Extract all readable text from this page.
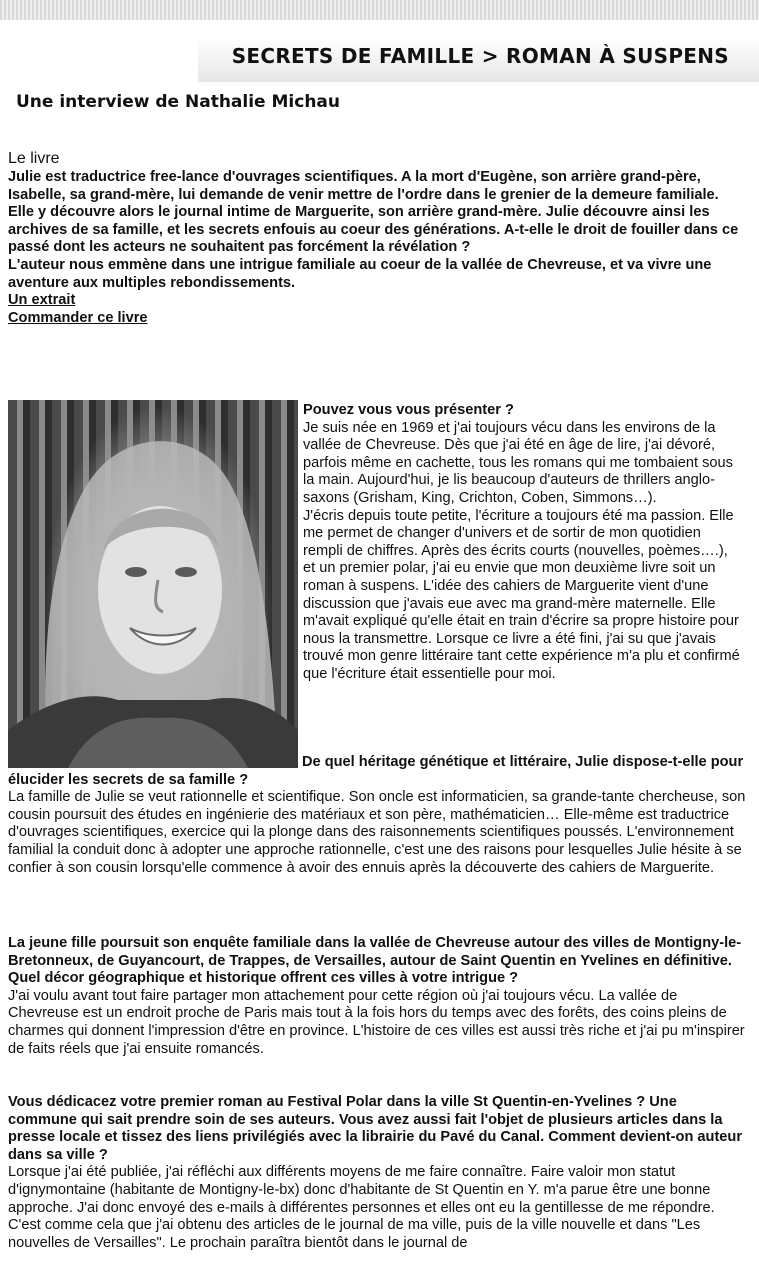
SECRETS DE FAMILLE > ROMAN À SUSPENS
Une interview de Nathalie Michau
Le livre

Julie est traductrice free-lance d'ouvrages scientifiques. A la mort d'Eugène, son arrière grand-père, Isabelle, sa grand-mère, lui demande de venir mettre de l'ordre dans le grenier de la demeure familiale. Elle y découvre alors le journal intime de Marguerite, son arrière grand-mère. Julie découvre ainsi les archives de sa famille, et les secrets enfouis au coeur des générations. A-t-elle le droit de fouiller dans ce passé dont les acteurs ne souhaitent pas forcément la révélation ?

L'auteur nous emmène dans une intrigue familiale au coeur de la vallée de Chevreuse, et va vivre une aventure aux multiples rebondissements.

Un extrait
Commander ce livre
Pouvez vous vous présenter ?
Je suis née en 1969 et j'ai toujours vécu dans les environs de la vallée de Chevreuse. Dès que j'ai été en âge de lire, j'ai dévoré, parfois même en cachette, tous les romans qui me tombaient sous la main. Aujourd'hui, je lis beaucoup d'auteurs de thrillers anglo-saxons (Grisham, King, Crichton, Coben, Simmons…).
J'écris depuis toute petite, l'écriture a toujours été ma passion. Elle me permet de changer d'univers et de sortir de mon quotidien rempli de chiffres. Après des écrits courts (nouvelles, poèmes….), et un premier polar, j'ai eu envie que mon deuxième livre soit un roman à suspens. L'idée des cahiers de Marguerite vient d'une discussion que j'avais eue avec ma grand-mère maternelle. Elle m'avait expliqué qu'elle était en train d'écrire sa propre histoire pour nous la transmettre. Lorsque ce livre a été fini, j'ai su que j'avais trouvé mon genre littéraire tant cette expérience m'a plu et confirmé que l'écriture était essentielle pour moi.
De quel héritage génétique et littéraire, Julie dispose-t-elle pour élucider les secrets de sa famille ?
La famille de Julie se veut rationnelle et scientifique. Son oncle est informaticien, sa grande-tante chercheuse, son cousin poursuit des études en ingénierie des matériaux et son père, mathématicien… Elle-même est traductrice d'ouvrages scientifiques, exercice qui la plonge dans des raisonnements scientifiques poussés. L'environnement familial la conduit donc à adopter une approche rationnelle, c'est une des raisons pour lesquelles Julie hésite à se confier à son cousin lorsqu'elle commence à avoir des ennuis après la découverte des cahiers de Marguerite.
La jeune fille poursuit son enquête familiale dans la vallée de Chevreuse autour des villes de Montigny-le-Bretonneux, de Guyancourt, de Trappes, de Versailles, autour de Saint Quentin en Yvelines en définitive. Quel décor géographique et historique offrent ces villes à votre intrigue ?
J'ai voulu avant tout faire partager mon attachement pour cette région où j'ai toujours vécu. La vallée de Chevreuse est un endroit proche de Paris mais tout à la fois hors du temps avec des forêts, des coins pleins de charmes qui donnent l'impression d'être en province. L'histoire de ces villes est aussi très riche et j'ai pu m'inspirer de faits réels que j'ai ensuite romancés.
Vous dédicacez votre premier roman au Festival Polar dans la ville St Quentin-en-Yvelines ? Une commune qui sait prendre soin de ses auteurs. Vous avez aussi fait l'objet de plusieurs articles dans la presse locale et tissez des liens privilégiés avec la librairie du Pavé du Canal. Comment devient-on auteur dans sa ville ?
Lorsque j'ai été publiée, j'ai réfléchi aux différents moyens de me faire connaître. Faire valoir mon statut d'ignymontaine (habitante de Montigny-le-bx) donc d'habitante de St Quentin en Y. m'a parue être une bonne approche. J'ai donc envoyé des e-mails à différentes personnes et elles ont eu la gentillesse de me répondre. C'est comme cela que j'ai obtenu des articles de le journal de ma ville, puis de la ville nouvelle et dans "Les nouvelles de Versailles". Le prochain paraîtra bientôt dans le journal de
